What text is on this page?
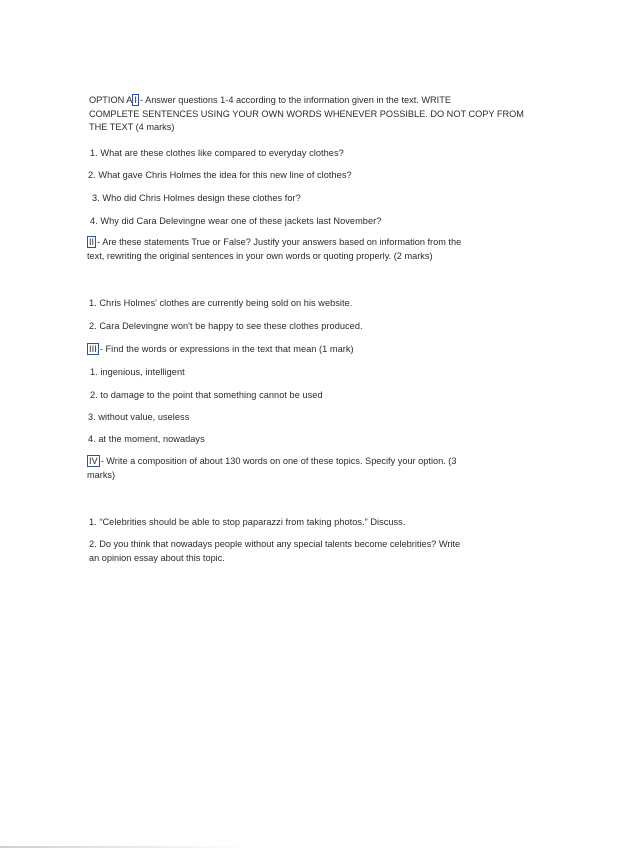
OPTION A I - Answer questions 1-4 according to the information given in the text. WRITE
COMPLETE SENTENCES USING YOUR OWN WORDS WHENEVER POSSIBLE. DO NOT COPY FROM
THE TEXT (4 marks)
1. What are these clothes like compared to everyday clothes?
2. What gave Chris Holmes the idea for this new line of clothes?
3. Who did Chris Holmes design these clothes for?
4. Why did Cara Delevingne wear one of these jackets last November?
II - Are these statements True or False? Justify your answers based on information from the
text, rewriting the original sentences in your own words or quoting properly. (2 marks)
1. Chris Holmes' clothes are currently being sold on his website.
2. Cara Delevingne won't be happy to see these clothes produced.
III - Find the words or expressions in the text that mean (1 mark)
1. ingenious, intelligent
2. to damage to the point that something cannot be used
3. without value, useless
4. at the moment, nowadays
IV - Write a composition of about 130 words on one of these topics. Specify your option. (3
marks)
1. “Celebrities should be able to stop paparazzi from taking photos.” Discuss.
2. Do you think that nowadays people without any special talents become celebrities? Write
an opinion essay about this topic.
